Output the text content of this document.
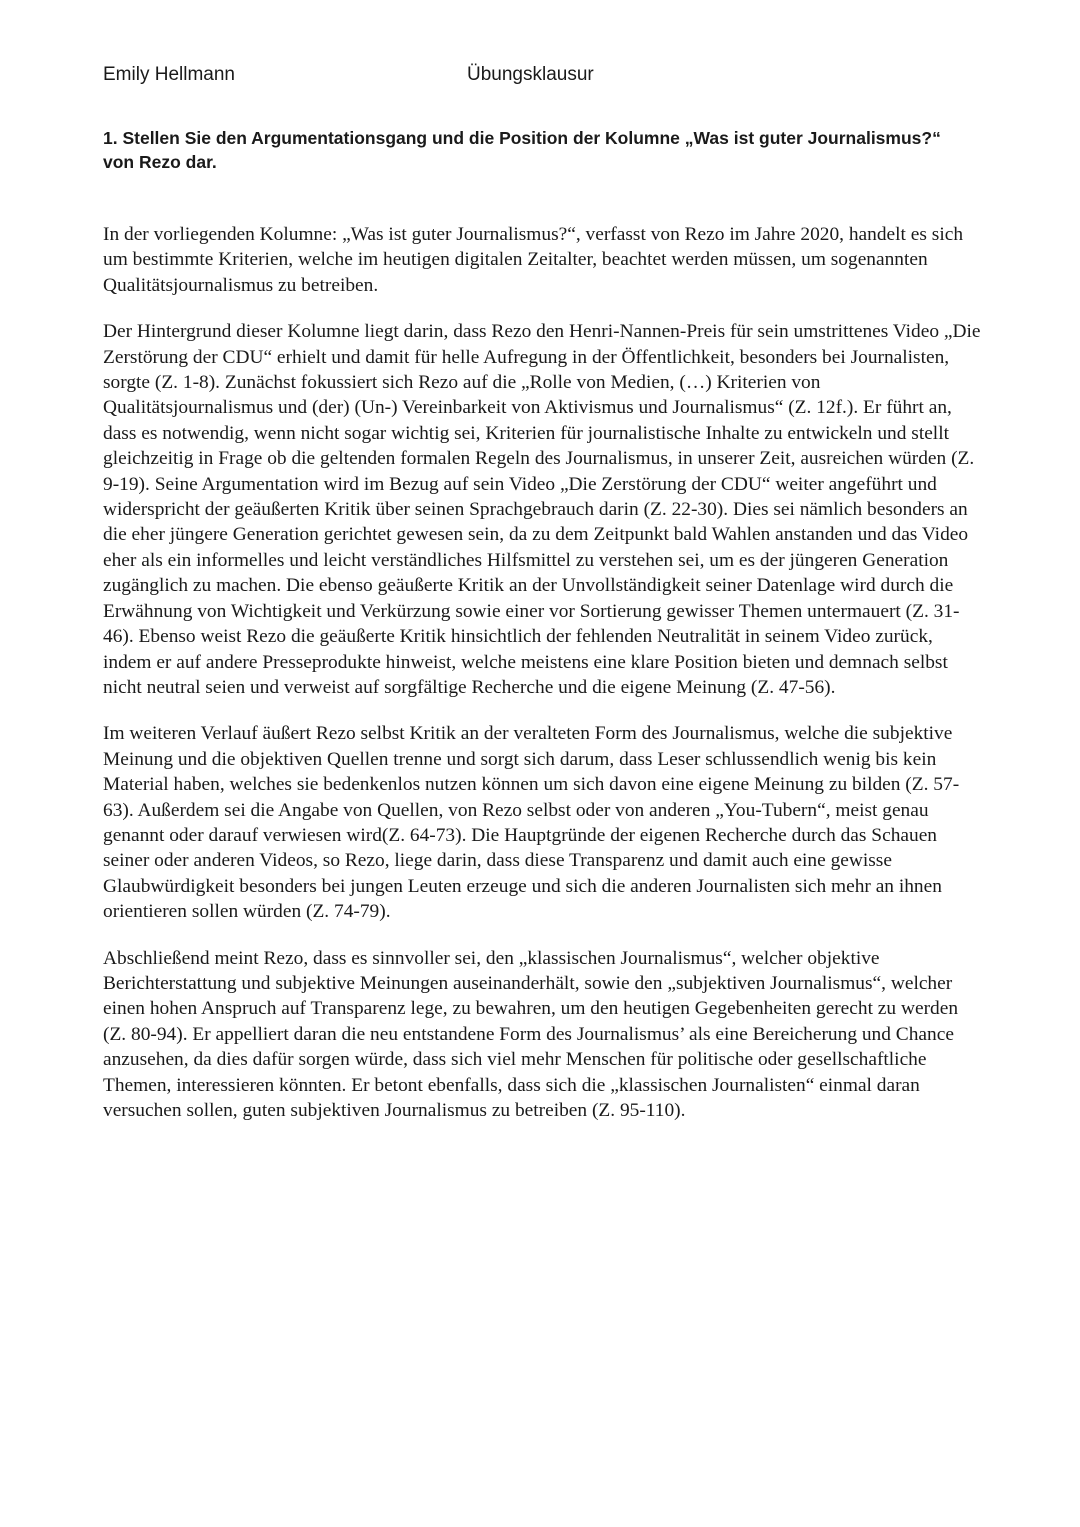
Emily Hellmann	Übungsklausur

1. Stellen Sie den Argumentationsgang und die Position der Kolumne „Was ist guter Journalismus?“ von Rezo dar.

In der vorliegenden Kolumne: „Was ist guter Journalismus?“, verfasst von Rezo im Jahre 2020, handelt es sich um bestimmte Kriterien, welche im heutigen digitalen Zeitalter, beachtet werden müssen, um sogenannten Qualitätsjournalismus zu betreiben.

Der Hintergrund dieser Kolumne liegt darin, dass Rezo den Henri-Nannen-Preis für sein umstrittenes Video „Die Zerstörung der CDU“ erhielt und damit für helle Aufregung in der Öffentlichkeit, besonders bei Journalisten, sorgte (Z. 1-8). Zunächst fokussiert sich Rezo auf die „Rolle von Medien, (…) Kriterien von Qualitätsjournalismus und (der) (Un-) Vereinbarkeit von Aktivismus und Journalismus“ (Z. 12f.). Er führt an, dass es notwendig, wenn nicht sogar wichtig sei, Kriterien für journalistische Inhalte zu entwickeln und stellt gleichzeitig in Frage ob die geltenden formalen Regeln des Journalismus, in unserer Zeit, ausreichen würden (Z. 9-19). Seine Argumentation wird im Bezug auf sein Video „Die Zerstörung der CDU“ weiter angeführt und widerspricht der geäußerten Kritik über seinen Sprachgebrauch darin (Z. 22-30). Dies sei nämlich besonders an die eher jüngere Generation gerichtet gewesen sein, da zu dem Zeitpunkt bald Wahlen anstanden und das Video eher als ein informelles und leicht verständliches Hilfsmittel zu verstehen sei, um es der jüngeren Generation zugänglich zu machen. Die ebenso geäußerte Kritik an der Unvollständigkeit seiner Datenlage wird durch die Erwähnung von Wichtigkeit und Verkürzung sowie einer vor Sortierung gewisser Themen untermauert (Z. 31-46). Ebenso weist Rezo die geäußerte Kritik hinsichtlich der fehlenden Neutralität in seinem Video zurück, indem er auf andere Presseprodukte hinweist, welche meistens eine klare Position bieten und demnach selbst nicht neutral seien und verweist auf sorgfältige Recherche und die eigene Meinung (Z. 47-56).

Im weiteren Verlauf äußert Rezo selbst Kritik an der veralteten Form des Journalismus, welche die subjektive Meinung und die objektiven Quellen trenne und sorgt sich darum, dass Leser schlussendlich wenig bis kein Material haben, welches sie bedenkenlos nutzen können um sich davon eine eigene Meinung zu bilden (Z. 57-63). Außerdem sei die Angabe von Quellen, von Rezo selbst oder von anderen „You-Tubern“, meist genau genannt oder darauf verwiesen wird(Z. 64-73). Die Hauptgründe der eigenen Recherche durch das Schauen seiner oder anderen Videos, so Rezo, liege darin, dass diese Transparenz und damit auch eine gewisse Glaubwürdigkeit besonders bei jungen Leuten erzeuge und sich die anderen Journalisten sich mehr an ihnen orientieren sollen würden (Z. 74-79).

Abschließend meint Rezo, dass es sinnvoller sei, den „klassischen Journalismus“, welcher objektive Berichterstattung und subjektive Meinungen auseinanderhält, sowie den „subjektiven Journalismus“, welcher einen hohen Anspruch auf Transparenz lege, zu bewahren, um den heutigen Gegebenheiten gerecht zu werden (Z. 80-94). Er appelliert daran die neu entstandene Form des Journalismus’ als eine Bereicherung und Chance anzusehen, da dies dafür sorgen würde, dass sich viel mehr Menschen für politische oder gesellschaftliche Themen, interessieren könnten. Er betont ebenfalls, dass sich die „klassischen Journalisten“ einmal daran versuchen sollen, guten subjektiven Journalismus zu betreiben (Z. 95-110).
